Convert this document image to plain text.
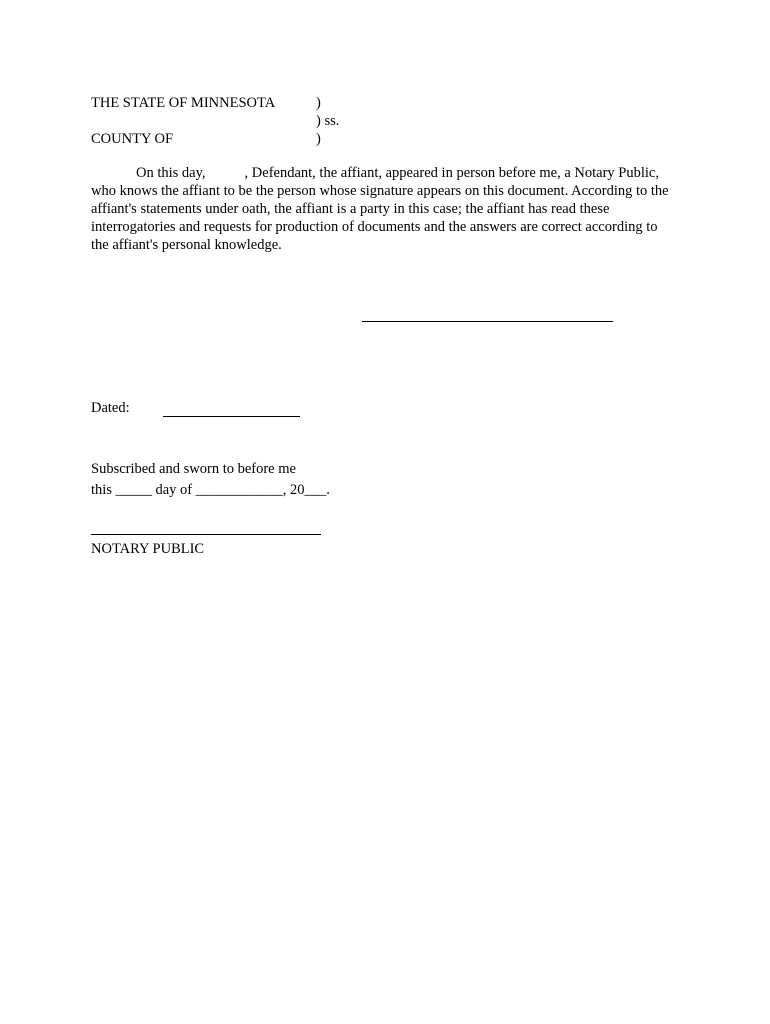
THE STATE OF MINNESOTA	)
) ss.
COUNTY OF	)
On this day,	, Defendant, the affiant, appeared in person before me, a Notary Public,
who knows the affiant to be the person whose signature appears on this document. According to the
affiant's statements under oath, the affiant is a party in this case; the affiant has read these
interrogatories and requests for production of documents and the answers are correct according to
the affiant's personal knowledge.
Dated:
Subscribed and sworn to before me
this _____ day of ____________, 20___.
NOTARY PUBLIC
